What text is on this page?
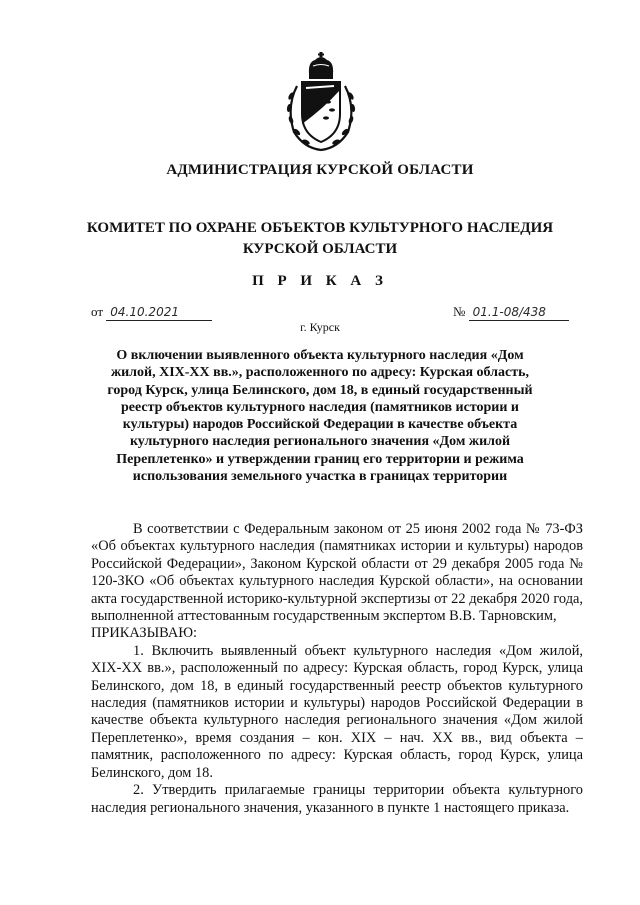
АДМИНИСТРАЦИЯ КУРСКОЙ ОБЛАСТИ
КОМИТЕТ ПО ОХРАНЕ ОБЪЕКТОВ КУЛЬТУРНОГО НАСЛЕДИЯ
КУРСКОЙ ОБЛАСТИ
П Р И К А З
от 04.10.2021	№ 01.1-08/438
г. Курск
О включении выявленного объекта культурного наследия «Дом жилой, XIX-XX вв.», расположенного по адресу: Курская область, город Курск, улица Белинского, дом 18, в единый государственный реестр объектов культурного наследия (памятников истории и культуры) народов Российской Федерации в качестве объекта культурного наследия регионального значения «Дом жилой Переплетенко» и утверждении границ его территории и режима использования земельного участка в границах территории

В соответствии с Федеральным законом от 25 июня 2002 года № 73-ФЗ «Об объектах культурного наследия (памятниках истории и культуры) народов Российской Федерации», Законом Курской области от 29 декабря 2005 года № 120-ЗКО «Об объектах культурного наследия Курской области», на основании акта государственной историко-культурной экспертизы от 22 декабря 2020 года, выполненной аттестованным государственным экспертом В.В. Тарновским,

ПРИКАЗЫВАЮ:

1. Включить выявленный объект культурного наследия «Дом жилой, XIX-XX вв.», расположенный по адресу: Курская область, город Курск, улица Белинского, дом 18, в единый государственный реестр объектов культурного наследия (памятников истории и культуры) народов Российской Федерации в качестве объекта культурного наследия регионального значения «Дом жилой Переплетенко», время создания – кон. XIX – нач. XX вв., вид объекта – памятник, расположенного по адресу: Курская область, город Курск, улица Белинского, дом 18.

2. Утвердить прилагаемые границы территории объекта культурного наследия регионального значения, указанного в пункте 1 настоящего приказа.
